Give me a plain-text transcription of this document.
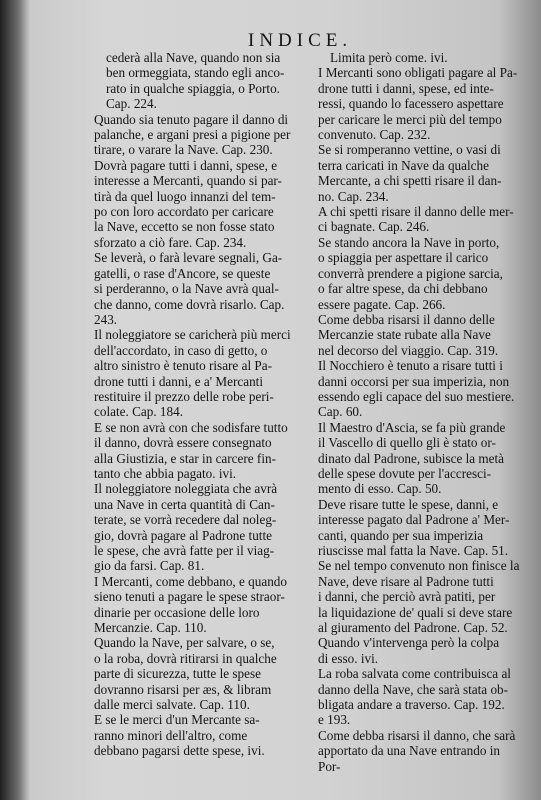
INDICE.

cederà alla Nave, quando non sia
ben ormeggiata, stando egli anco-
rato in qualche spiaggia, o Porto.
Cap. 224.

Quando sia tenuto pagare il danno di
palanche, e argani presi a pigione per
tirare, o varare la Nave. Cap. 230.

Dovrà pagare tutti i danni, spese, e
interesse a Mercanti, quando si par-
tirà da quel luogo innanzi del tem-
po con loro accordato per caricare
la Nave, eccetto se non fosse stato
sforzato a ciò fare. Cap. 234.

Se leverà, o farà levare segnali, Ga-
gatelli, o rase d'Ancore, se queste
si perderanno, o la Nave avrà qual-
che danno, come dovrà risarlo. Cap.
243.

Il noleggiatore se caricherà più merci
dell'accordato, in caso di getto, o
altro sinistro è tenuto risare al Pa-
drone tutti i danni, e a' Mercanti
restituire il prezzo delle robe peri-
colate. Cap. 184.

E se non avrà con che sodisfare tutto
il danno, dovrà essere consegnato
alla Giustizia, e star in carcere fin-
tanto che abbia pagato. ivi.

Il noleggiatore noleggiata che avrà
una Nave in certa quantità di Can-
terate, se vorrà recedere dal noleg-
gio, dovrà pagare al Padrone tutte
le spese, che avrà fatte per il viag-
gio da farsi. Cap. 81.

I Mercanti, come debbano, e quando
sieno tenuti a pagare le spese straor-
dinarie per occasione delle loro
Mercanzie. Cap. 110.

Quando la Nave, per salvare, o se,
o la roba, dovrà ritirarsi in qualche
parte di sicurezza, tutte le spese
dovranno risarsi per æs, & libram
dalle merci salvate. Cap. 110.

E se le merci d'un Mercante sa-
ranno minori dell'altro, come
debbano pagarsi dette spese, ivi.

Limita però come. ivi.

I Mercanti sono obligati pagare al Pa-
drone tutti i danni, spese, ed inte-
ressi, quando lo facessero aspettare
per caricare le merci più del tempo
convenuto. Cap. 232.

Se si romperanno vettine, o vasi di
terra caricati in Nave da qualche
Mercante, a chi spetti risare il dan-
no. Cap. 234.

A chi spetti risare il danno delle mer-
ci bagnate. Cap. 246.

Se stando ancora la Nave in porto,
o spiaggia per aspettare il carico
converrà prendere a pigione sarcia,
o far altre spese, da chi debbano
essere pagate. Cap. 266.

Come debba risarsi il danno delle
Mercanzie state rubate alla Nave
nel decorso del viaggio. Cap. 319.

Il Nocchiero è tenuto a risare tutti i
danni occorsi per sua imperizia, non
essendo egli capace del suo mestiere.
Cap. 60.

Il Maestro d'Ascia, se fa più grande
il Vascello di quello gli è stato or-
dinato dal Padrone, subisce la metà
delle spese dovute per l'accresci-
mento di esso. Cap. 50.

Deve risare tutte le spese, danni, e
interesse pagato dal Padrone a' Mer-
canti, quando per sua imperizia
riuscisse mal fatta la Nave. Cap. 51.

Se nel tempo convenuto non finisce la
Nave, deve risare al Padrone tutti
i danni, che perciò avrà patiti, per
la liquidazione de' quali si deve stare
al giuramento del Padrone. Cap. 52.

Quando v'intervenga però la colpa
di esso. ivi.

La roba salvata come contribuisca al
danno della Nave, che sarà stata ob-
bligata andare a traverso. Cap. 192.
e 193.

Come debba risarsi il danno, che sarà
apportato da una Nave entrando in
Por-
